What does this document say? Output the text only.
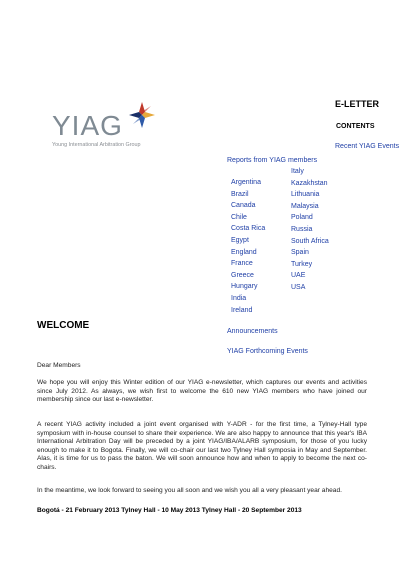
YIAG
Young International Arbitration Group
E-LETTER
CONTENTS
Recent YIAG Events
Reports from YIAG members
Argentina
Brazil
Canada
Chile
Costa Rica
Egypt
England
France
Greece
Hungary
India
Ireland
Italy
Kazakhstan
Lithuania
Malaysia
Poland
Russia
South Africa
Spain
Turkey
UAE
USA
Announcements
YIAG Forthcoming Events
WELCOME
Dear Members
We hope you will enjoy this Winter edition of our YIAG e-newsletter, which captures our events and activities since July 2012. As always, we wish first to welcome the 610 new YIAG members who have joined our membership since our last e-newsletter.
A recent YIAG activity included a joint event organised with Y-ADR - for the first time, a Tylney-Hall type symposium with in-house counsel to share their experience. We are also happy to announce that this year's IBA International Arbitration Day will be preceded by a joint YIAG/IBA/ALARB symposium, for those of you lucky enough to make it to Bogota. Finally, we will co-chair our last two Tylney Hall symposia in May and September. Alas, it is time for us to pass the baton. We will soon announce how and when to apply to become the next co-chairs.
In the meantime, we look forward to seeing you all soon and we wish you all a very pleasant year ahead.
Bogotá - 21 February 2013 Tylney Hall - 10 May 2013 Tylney Hall - 20 September 2013
